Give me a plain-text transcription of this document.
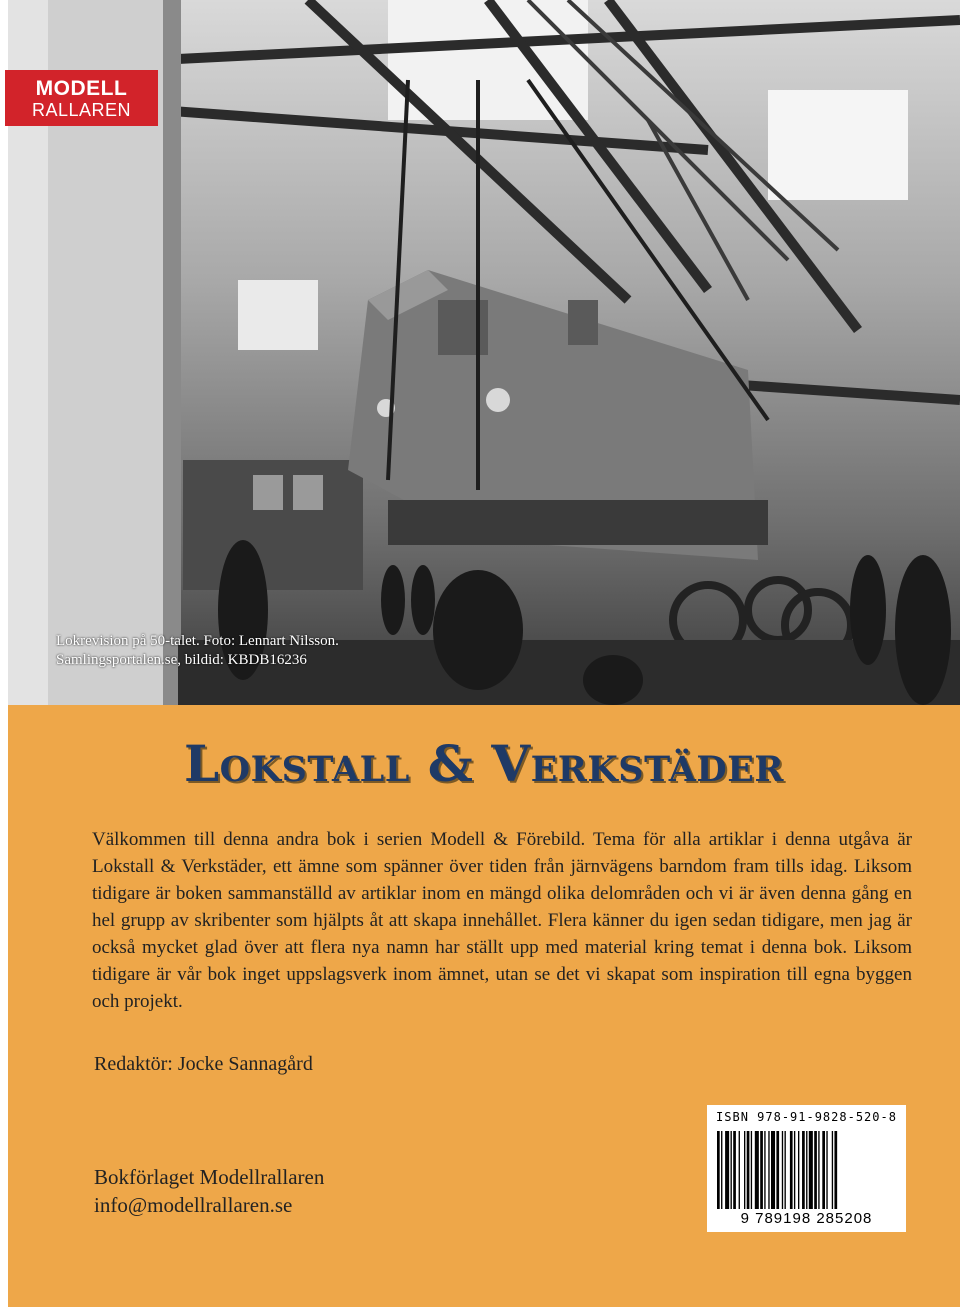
MODELL
RALLAREN
Lokrevision på 50-talet. Foto: Lennart Nilsson.
Samlingsportalen.se, bildid: KBDB16236
Lokstall & Verkstäder
Välkommen till denna andra bok i serien Modell & Förebild. Tema för alla artiklar i denna utgåva är Lokstall & Verkstäder, ett ämne som spänner över tiden från järnvägens barndom fram tills idag. Liksom tidigare är boken sammanställd av artiklar inom en mängd olika delområden och vi är även denna gång en hel grupp av skribenter som hjälpts åt att skapa innehållet. Flera känner du igen sedan tidigare, men jag är också mycket glad över att flera nya namn har ställt upp med material kring temat i denna bok. Liksom tidigare är vår bok inget uppslagsverk inom ämnet, utan se det vi skapat som inspiration till egna byggen och projekt.
Redaktör: Jocke Sannagård
Bokförlaget Modellrallaren
info@modellrallaren.se
ISBN 978-91-9828-520-8
9 789198 285208
